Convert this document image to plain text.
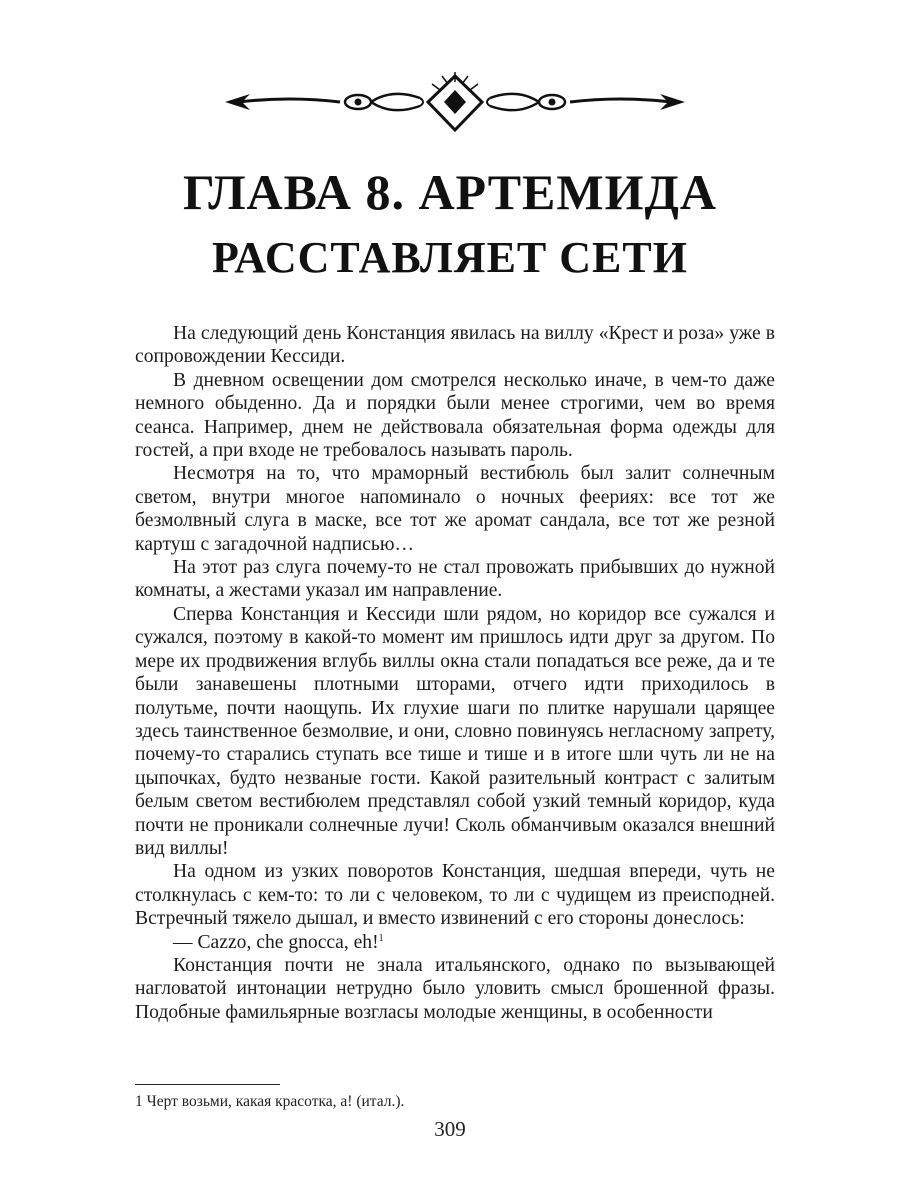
ГЛАВА 8. АРТЕМИДА
РАССТАВЛЯЕТ СЕТИ

На следующий день Констанция явилась на виллу «Крест и роза» уже в сопровождении Кессиди.

В дневном освещении дом смотрелся несколько иначе, в чем-то даже немного обыденно. Да и порядки были менее строгими, чем во время сеанса. Например, днем не действовала обязательная форма одежды для гостей, а при входе не требовалось называть пароль.

Несмотря на то, что мраморный вестибюль был залит солнечным светом, внутри многое напоминало о ночных феериях: все тот же безмолвный слуга в маске, все тот же аромат сандала, все тот же резной картуш с загадочной надписью…

На этот раз слуга почему-то не стал провожать прибывших до нужной комнаты, а жестами указал им направление.

Сперва Констанция и Кессиди шли рядом, но коридор все сужался и сужался, поэтому в какой-то момент им пришлось идти друг за другом. По мере их продвижения вглубь виллы окна стали попадаться все реже, да и те были занавешены плотными шторами, отчего идти приходилось в полутьме, почти наощупь. Их глухие шаги по плитке нарушали царящее здесь таинственное безмолвие, и они, словно повинуясь негласному запрету, почему-то старались ступать все тише и тише и в итоге шли чуть ли не на цыпочках, будто незваные гости. Какой разительный контраст с залитым белым светом вестибюлем представлял собой узкий темный коридор, куда почти не проникали солнечные лучи! Сколь обманчивым оказался внешний вид виллы!

На одном из узких поворотов Констанция, шедшая впереди, чуть не столкнулась с кем-то: то ли с человеком, то ли с чудищем из преисподней. Встречный тяжело дышал, и вместо извинений с его стороны донеслось:

— Cazzo, che gnocca, eh!$^1$

Констанция почти не знала итальянского, однако по вызывающей нагловатой интонации нетрудно было уловить смысл брошенной фразы. Подобные фамильярные возгласы молодые женщины, в особенности

1 Черт возьми, какая красотка, а! (итал.).
309
